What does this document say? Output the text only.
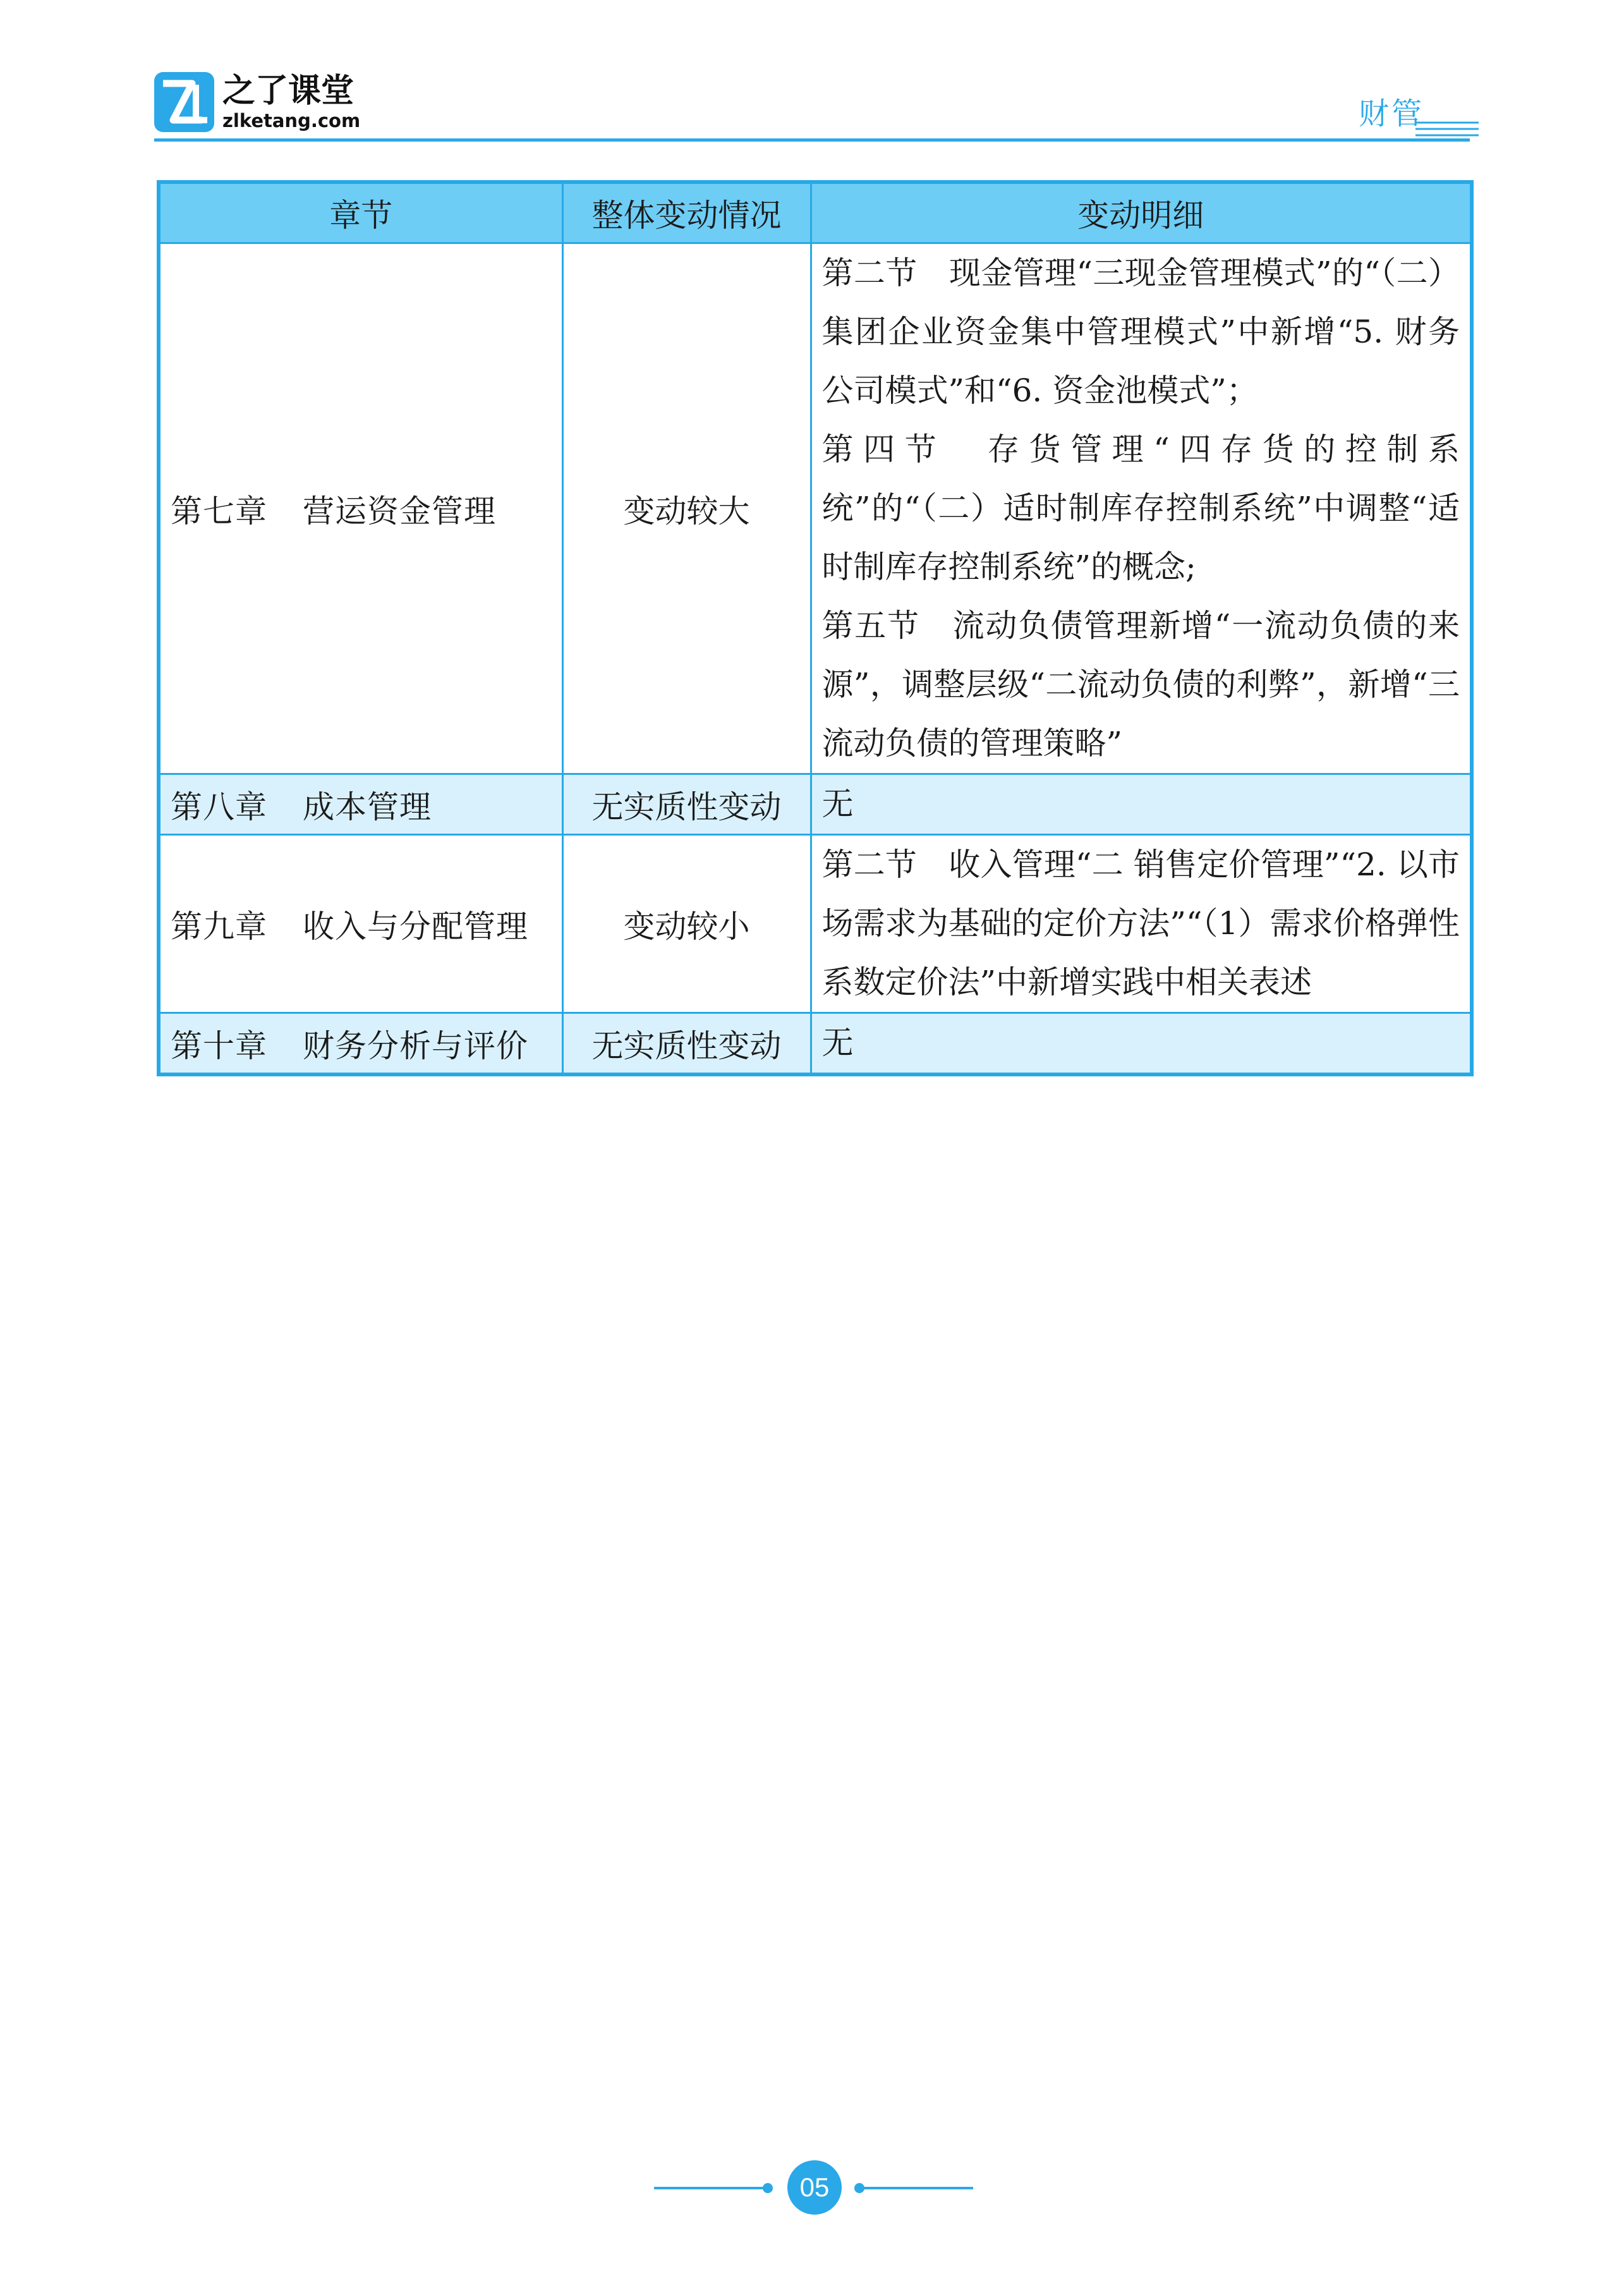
之了课堂
zlketang.com	财管
章节	整体变动情况	变动明细
第七章 营运资金管理	变动较大	第二节　现金管理“三现金管理模式”的“（二）集团企业资金集中管理模式”中新增“5. 财务公司模式”和“6. 资金池模式”；

第四节　存货管理“四存货的控制系统”的“（二）适时制库存控制系统”中调整“适时制库存控制系统”的概念;

第五节　流动负债管理新增“一流动负债的来源”，调整层级“二流动负债的利弊”，新增“三流动负债的管理策略”

第八章 成本管理	无实质性变动	无

第九章 收入与分配管理	变动较小	第二节　收入管理“二 销售定价管理”“2. 以市场需求为基础的定价方法”“（1）需求价格弹性系数定价法”中新增实践中相关表述

第十章 财务分析与评价	无实质性变动	无

05
